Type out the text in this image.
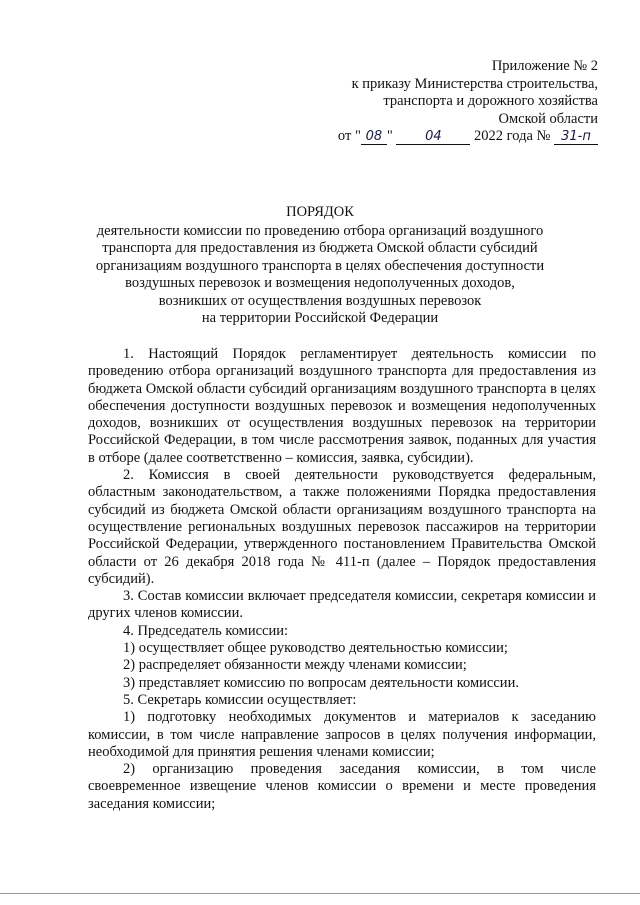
Приложение № 2
к приказу Министерства строительства,
транспорта и дорожного хозяйства
Омской области
от " 08 " 04 2022 года № 31-п
ПОРЯДОК
деятельности комиссии по проведению отбора организаций воздушного
транспорта для предоставления из бюджета Омской области субсидий
организациям воздушного транспорта в целях обеспечения доступности
воздушных перевозок и возмещения недополученных доходов,
возникших от осуществления воздушных перевозок
на территории Российской Федерации

1. Настоящий Порядок регламентирует деятельность комиссии по проведению отбора организаций воздушного транспорта для предоставления из бюджета Омской области субсидий организациям воздушного транспорта в целях обеспечения доступности воздушных перевозок и возмещения недополученных доходов, возникших от осуществления воздушных перевозок на территории Российской Федерации, в том числе рассмотрения заявок, поданных для участия в отборе (далее соответственно – комиссия, заявка, субсидии).

2. Комиссия в своей деятельности руководствуется федеральным, областным законодательством, а также положениями Порядка предоставления субсидий из бюджета Омской области организациям воздушного транспорта на осуществление региональных воздушных перевозок пассажиров на территории Российской Федерации, утвержденного постановлением Правительства Омской области от 26 декабря 2018 года № 411-п (далее – Порядок предоставления субсидий).

3. Состав комиссии включает председателя комиссии, секретаря комиссии и других членов комиссии.

4. Председатель комиссии:

1) осуществляет общее руководство деятельностью комиссии;

2) распределяет обязанности между членами комиссии;

3) представляет комиссию по вопросам деятельности комиссии.

5. Секретарь комиссии осуществляет:

1) подготовку необходимых документов и материалов к заседанию комиссии, в том числе направление запросов в целях получения информации, необходимой для принятия решения членами комиссии;

2) организацию проведения заседания комиссии, в том числе своевременное извещение членов комиссии о времени и месте проведения заседания комиссии;
